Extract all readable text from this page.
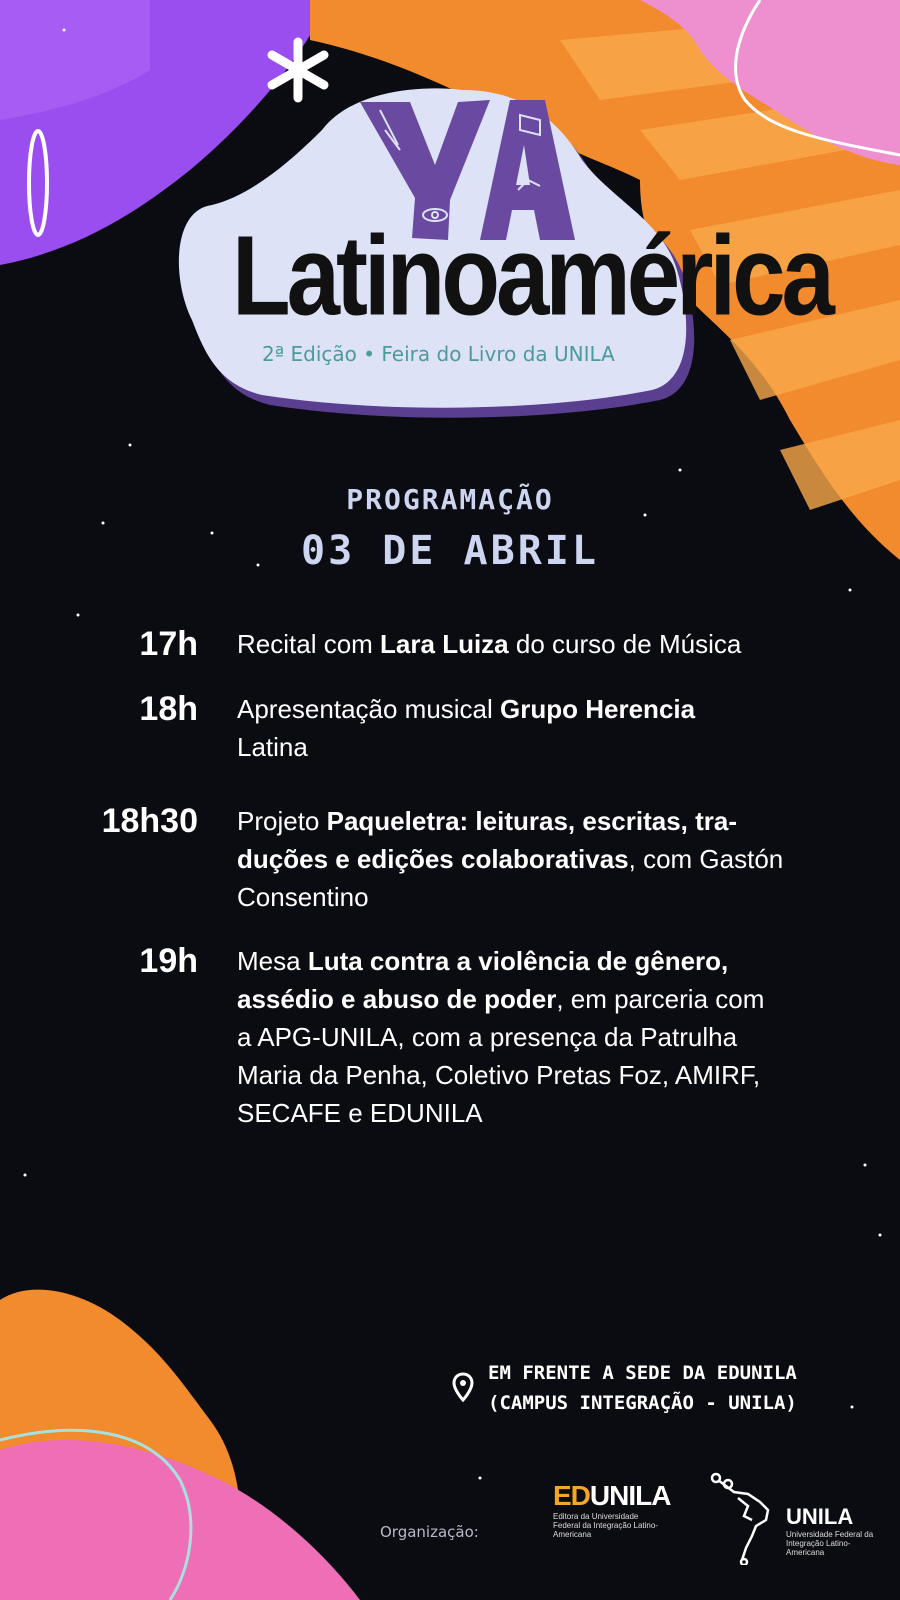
Latinoamérica
2ª Edição • Feira do Livro da UNILA
PROGRAMAÇÃO
03 DE ABRIL
17h Recital com Lara Luiza do curso de Música
18h Apresentação musical Grupo Herencia
Latina
18h30 Projeto Paqueletra: leituras, escritas, tra-
duções e edições colaborativas, com Gastón
Consentino
19h Mesa Luta contra a violência de gênero,
assédio e abuso de poder, em parceria com
a APG-UNILA, com a presença da Patrulha
Maria da Penha, Coletivo Pretas Foz, AMIRF,
SECAFE e EDUNILA
EM FRENTE A SEDE DA EDUNILA
(CAMPUS INTEGRAÇÃO - UNILA)
Organização:
EDUNILA
Editora da Universidade Federal da Integração Latino-Americana
UNILA
Universidade Federal da Integração Latino-Americana
